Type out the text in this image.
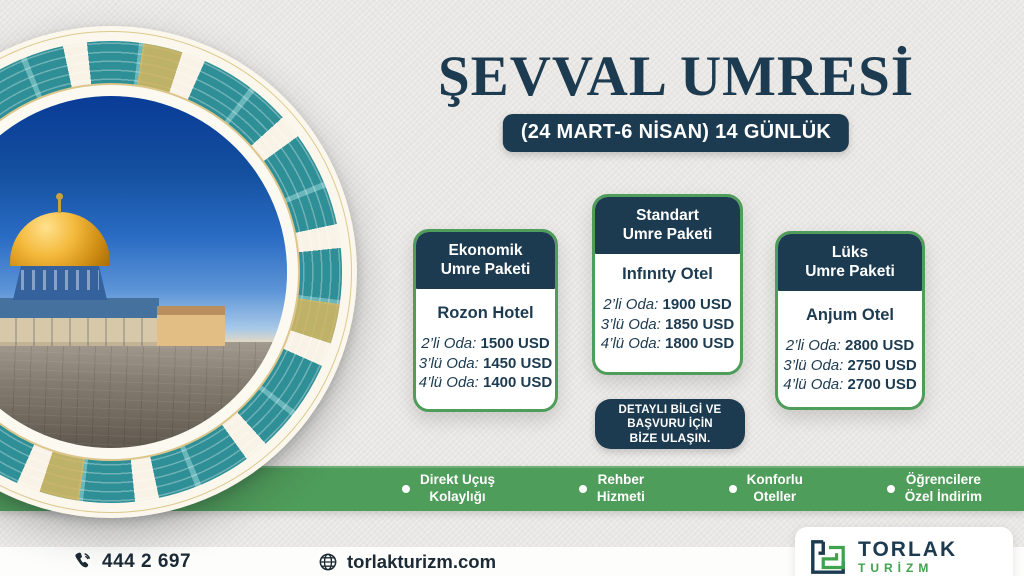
ŞEVVAL UMRESİ
(24 MART-6 NİSAN) 14 GÜNLÜK
Ekonomik
Umre Paketi
Rozon Hotel
2’li Oda: 1500 USD
3’lü Oda: 1450 USD
4’lü Oda: 1400 USD
Standart
Umre Paketi
Infınıty Otel
2’li Oda: 1900 USD
3’lü Oda: 1850 USD
4’lü Oda: 1800 USD
Lüks
Umre Paketi
Anjum Otel
2’li Oda: 2800 USD
3’lü Oda: 2750 USD
4’lü Oda: 2700 USD
DETAYLI BİLGİ VE
BAŞVURU İÇİN
BİZE ULAŞIN.
Direkt Uçuş
Kolaylığı
Rehber
Hizmeti
Konforlu
Oteller
Öğrencilere
Özel İndirim
444 2 697	torlakturizm.com
TORLAK
TURİZM
